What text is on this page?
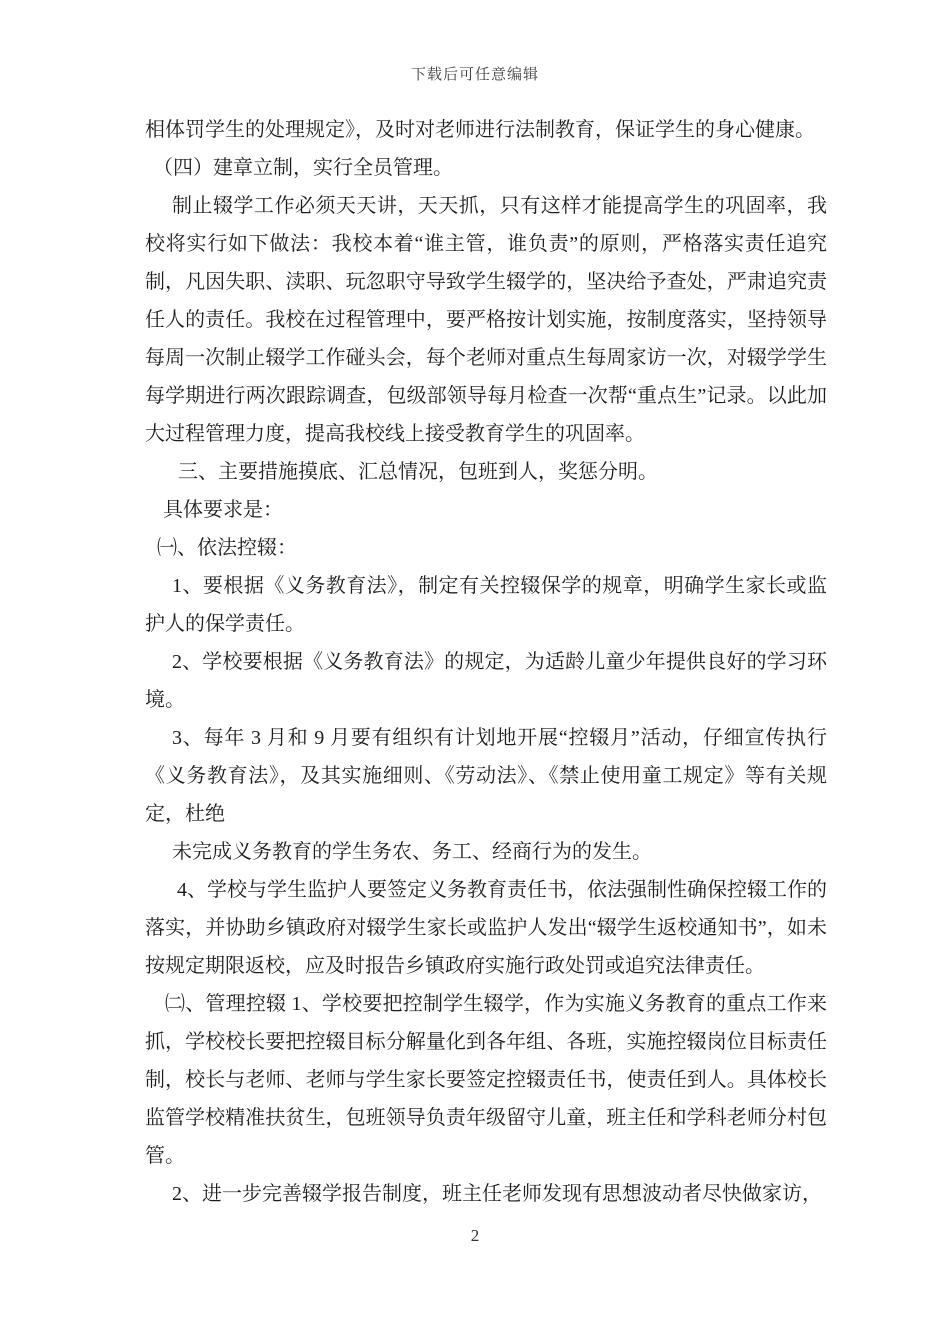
下载后可任意编辑

相体罚学生的处理规定》，及时对老师进行法制教育，保证学生的身心健康。

（四）建章立制，实行全员管理。

制止辍学工作必须天天讲，天天抓，只有这样才能提高学生的巩固率，我校将实行如下做法：我校本着“谁主管，谁负责”的原则，严格落实责任追究制，凡因失职、渎职、玩忽职守导致学生辍学的，坚决给予查处，严肃追究责任人的责任。我校在过程管理中，要严格按计划实施，按制度落实，坚持领导每周一次制止辍学工作碰头会，每个老师对重点生每周家访一次，对辍学学生每学期进行两次跟踪调查，包级部领导每月检查一次帮“重点生”记录。以此加大过程管理力度，提高我校线上接受教育学生的巩固率。

三、主要措施摸底、汇总情况，包班到人，奖惩分明。

具体要求是：

㈠、依法控辍：

1、要根据《义务教育法》，制定有关控辍保学的规章，明确学生家长或监护人的保学责任。

2、学校要根据《义务教育法》的规定，为适龄儿童少年提供良好的学习环境。

3、每年 3 月和 9 月要有组织有计划地开展“控辍月”活动，仔细宣传执行《义务教育法》，及其实施细则、《劳动法》、《禁止使用童工规定》等有关规定，杜绝

未完成义务教育的学生务农、务工、经商行为的发生。

4、学校与学生监护人要签定义务教育责任书，依法强制性确保控辍工作的落实，并协助乡镇政府对辍学生家长或监护人发出“辍学生返校通知书”，如未按规定期限返校，应及时报告乡镇政府实施行政处罚或追究法律责任。

㈡、管理控辍 1、学校要把控制学生辍学，作为实施义务教育的重点工作来抓，学校校长要把控辍目标分解量化到各年组、各班，实施控辍岗位目标责任制，校长与老师、老师与学生家长要签定控辍责任书，使责任到人。具体校长监管学校精准扶贫生，包班领导负责年级留守儿童，班主任和学科老师分村包管。

2、进一步完善辍学报告制度，班主任老师发现有思想波动者尽快做家访，

2
